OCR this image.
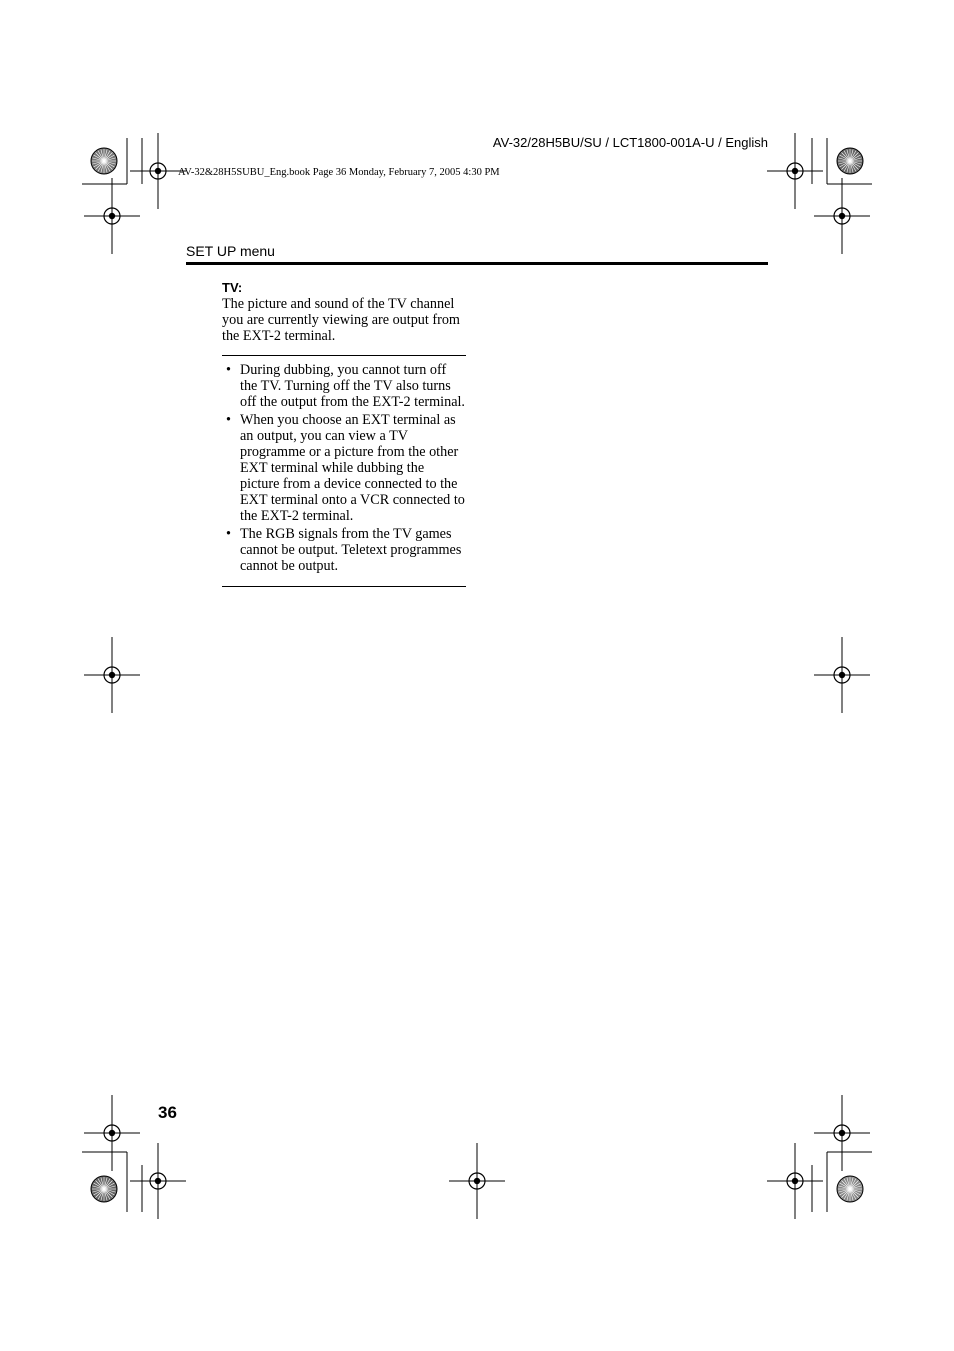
AV-32/28H5BU/SU / LCT1800-001A-U / English
AV-32&28H5SUBU_Eng.book Page 36 Monday, February 7, 2005 4:30 PM
SET UP menu
TV:
The picture and sound of the TV channel you are currently viewing are output from the EXT-2 terminal.
• During dubbing, you cannot turn off the TV. Turning off the TV also turns off the output from the EXT-2 terminal.
• When you choose an EXT terminal as an output, you can view a TV programme or a picture from the other EXT terminal while dubbing the picture from a device connected to the EXT terminal onto a VCR connected to the EXT-2 terminal.
• The RGB signals from the TV games cannot be output. Teletext programmes cannot be output.
36
